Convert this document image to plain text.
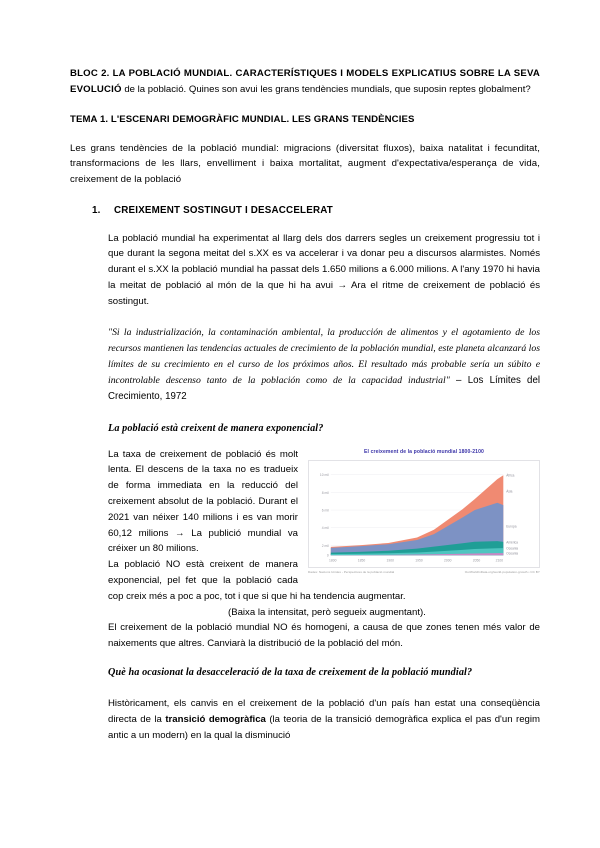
BLOC 2. LA POBLACIÓ MUNDIAL. CARACTERÍSTIQUES I MODELS EXPLICATIUS SOBRE LA SEVA EVOLUCIÓ de la població. Quines son avui les grans tendències mundials, que suposin reptes globalment?

TEMA 1. L'ESCENARI DEMOGRÀFIC MUNDIAL. LES GRANS TENDÈNCIES

Les grans tendències de la població mundial: migracions (diversitat fluxos), baixa natalitat i fecunditat, transformacions de les llars, envelliment i baixa mortalitat, augment d'expectativa/esperança de vida, creixement de la població

1.	CREIXEMENT SOSTINGUT I DESACCELERAT

La població mundial ha experimentat al llarg dels dos darrers segles un creixement progressiu tot i que durant la segona meitat del s.XX es va accelerar i va donar peu a discursos alarmistes. Només durant el s.XX la població mundial ha passat dels 1.650 milions a 6.000 milions. A l'any 1970 hi havia la meitat de població al món de la que hi ha avui → Ara el ritme de creixement de població és sostingut.

"Si la industrialización, la contaminación ambiental, la producción de alimentos y el agotamiento de los recursos mantienen las tendencias actuales de crecimiento de la población mundial, este planeta alcanzará los límites de su crecimiento en el curso de los próximos años. El resultado más probable sería un súbito e incontrolable descenso tanto de la población como de la capacidad industrial" – Los Límites del Crecimiento, 1972

La població està creixent de manera exponencial?

El creixement de la població mundial 1800-2100
10 mil
8 mil
6 mil
4 mil
2 mil
0
1800	1850	1900	1950	2000	2050	2100
Àfrica
Àsia
Europa
Amèrica
Oceania
Oceania
Dades: Nacions Unides - Perspectives de la població mundial	OurWorldInData.org/world-population-growth • CC BY

La taxa de creixement de població és molt lenta. El descens de la taxa no es tradueix de forma immediata en la reducció del creixement absolut de la població. Durant el 2021 van néixer 140 milions i es van morir 60,12 milions → La publició mundial va créixer un 80 milions.

La població NO està creixent de manera exponencial, pel fet que la població cada cop creix més a poc a poc, tot i que si que hi ha tendencia augmentar.

(Baixa la intensitat, però segueix augmentant).

El creixement de la població mundial NO és homogeni, a causa de que zones tenen més valor de naixements que altres. Canviarà la distribució de la població del món.

Què ha ocasionat la desacceleració de la taxa de creixement de la població mundial?

Històricament, els canvis en el creixement de la població d'un país han estat una conseqüència directa de la transició demogràfica (la teoria de la transició demogràfica explica el pas d'un regim antic a un modern) en la qual la disminució
